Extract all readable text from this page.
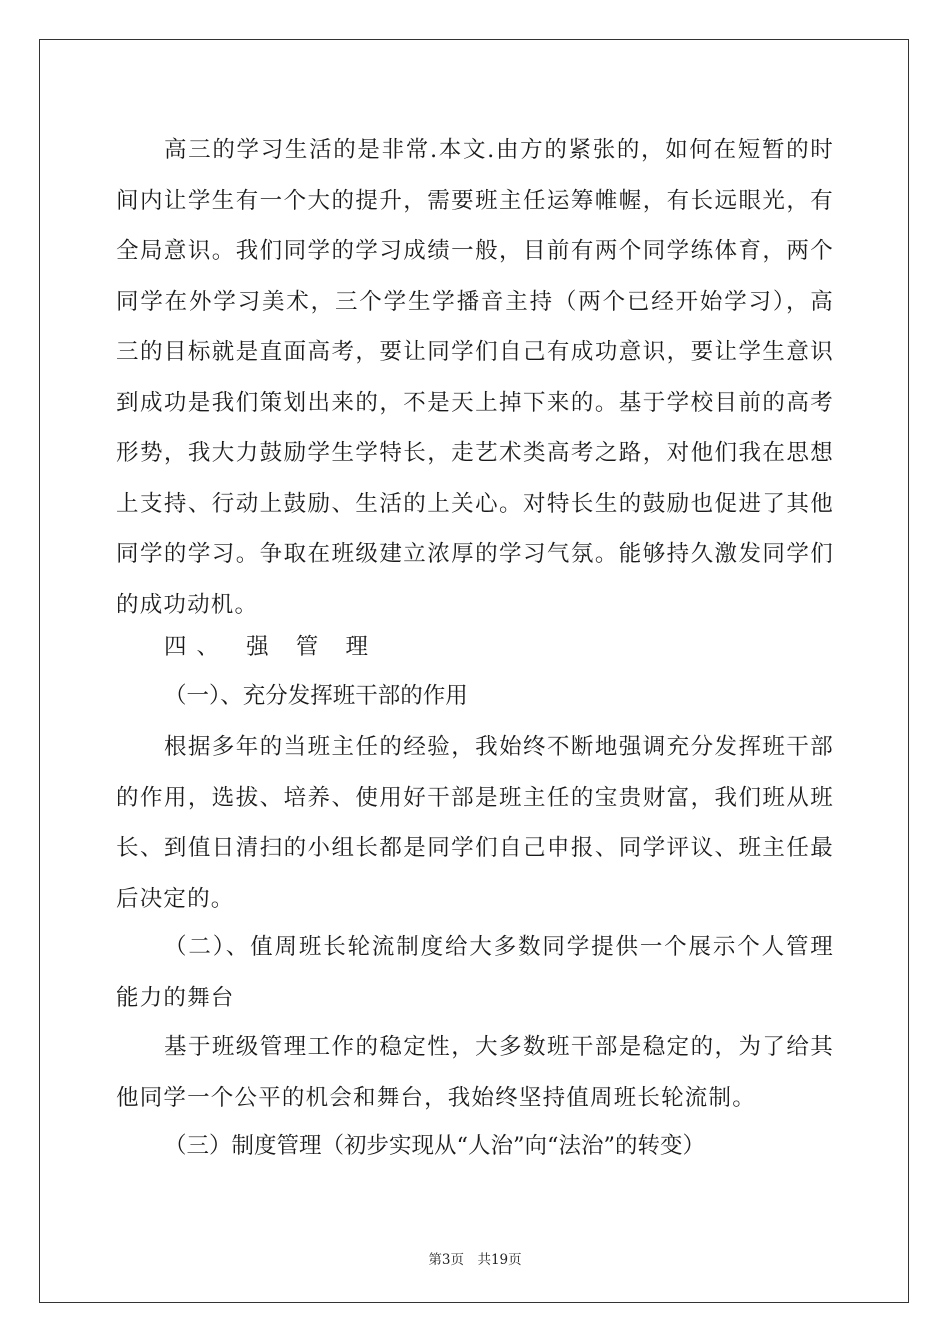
高三的学习生活的是非常.本文.由方的紧张的，如何在短暂的时间内让学生有一个大的提升，需要班主任运筹帷幄，有长远眼光，有全局意识。我们同学的学习成绩一般，目前有两个同学练体育，两个同学在外学习美术，三个学生学播音主持（两个已经开始学习），高三的目标就是直面高考，要让同学们自己有成功意识，要让学生意识到成功是我们策划出来的，不是天上掉下来的。基于学校目前的高考形势，我大力鼓励学生学特长，走艺术类高考之路，对他们我在思想上支持、行动上鼓励、生活的上关心。对特长生的鼓励也促进了其他同学的学习。争取在班级建立浓厚的学习气氛。能够持久激发同学们的成功动机。

四、 强 管 理

（一）、充分发挥班干部的作用

根据多年的当班主任的经验，我始终不断地强调充分发挥班干部的作用，选拔、培养、使用好干部是班主任的宝贵财富，我们班从班长、到值日清扫的小组长都是同学们自己申报、同学评议、班主任最后决定的。

（二）、值周班长轮流制度给大多数同学提供一个展示个人管理能力的舞台

基于班级管理工作的稳定性，大多数班干部是稳定的，为了给其他同学一个公平的机会和舞台，我始终坚持值周班长轮流制。

（三）制度管理（初步实现从“人治”向“法治”的转变）

第3页　共19页
